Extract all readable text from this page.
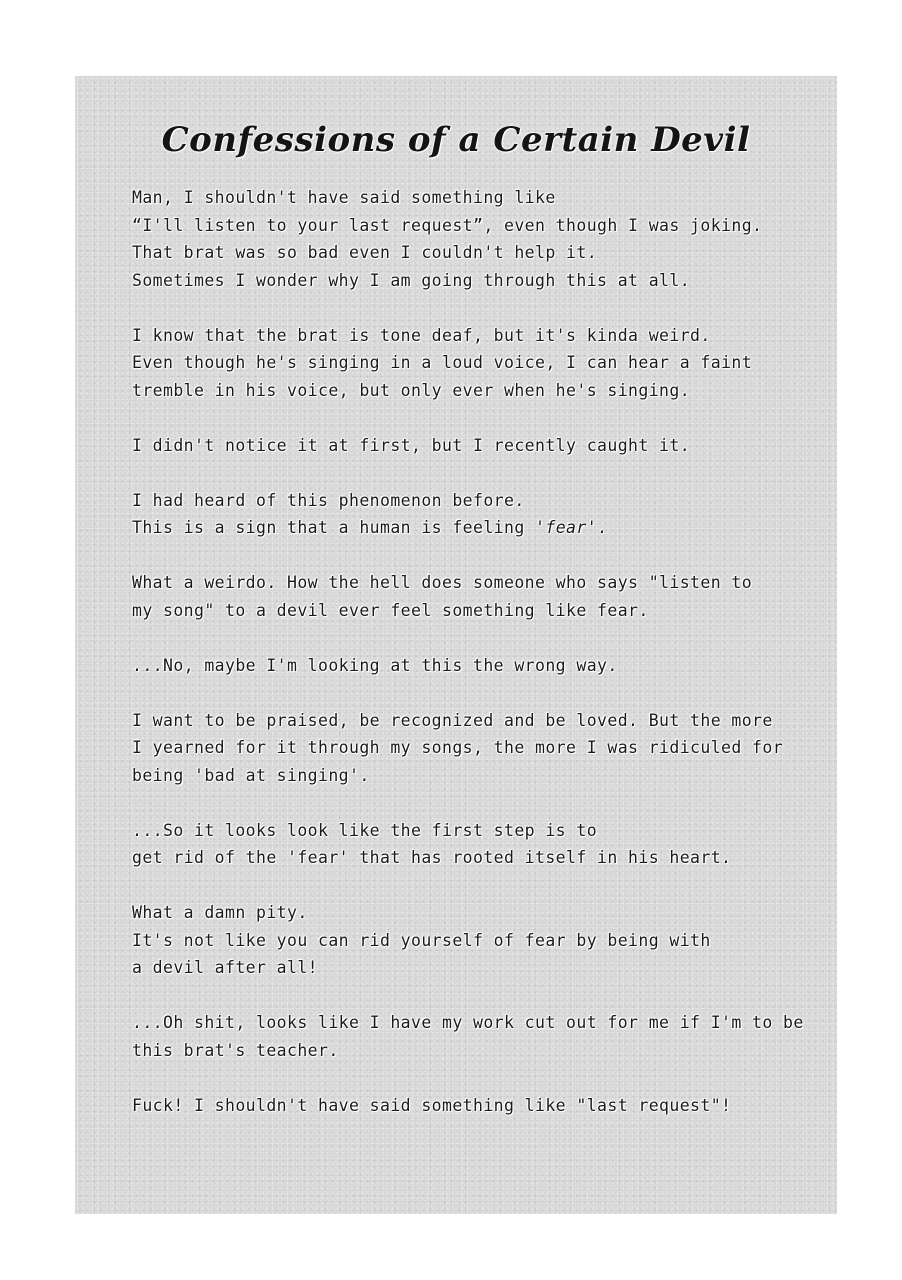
Confessions of a Certain Devil

Man, I shouldn't have said something like
“I'll listen to your last request”, even though I was joking.
That brat was so bad even I couldn't help it.
Sometimes I wonder why I am going through this at all.

I know that the brat is tone deaf, but it's kinda weird.
Even though he's singing in a loud voice, I can hear a faint
tremble in his voice, but only ever when he's singing.

I didn't notice it at first, but I recently caught it.

I had heard of this phenomenon before.
This is a sign that a human is feeling 'fear'.

What a weirdo. How the hell does someone who says "listen to
my song" to a devil ever feel something like fear.

...No, maybe I'm looking at this the wrong way.

I want to be praised, be recognized and be loved. But the more
I yearned for it through my songs, the more I was ridiculed for
being 'bad at singing'.

...So it looks look like the first step is to
get rid of the 'fear' that has rooted itself in his heart.

What a damn pity.
It's not like you can rid yourself of fear by being with
a devil after all!

...Oh shit, looks like I have my work cut out for me if I'm to be
this brat's teacher.

Fuck! I shouldn't have said something like "last request"!
